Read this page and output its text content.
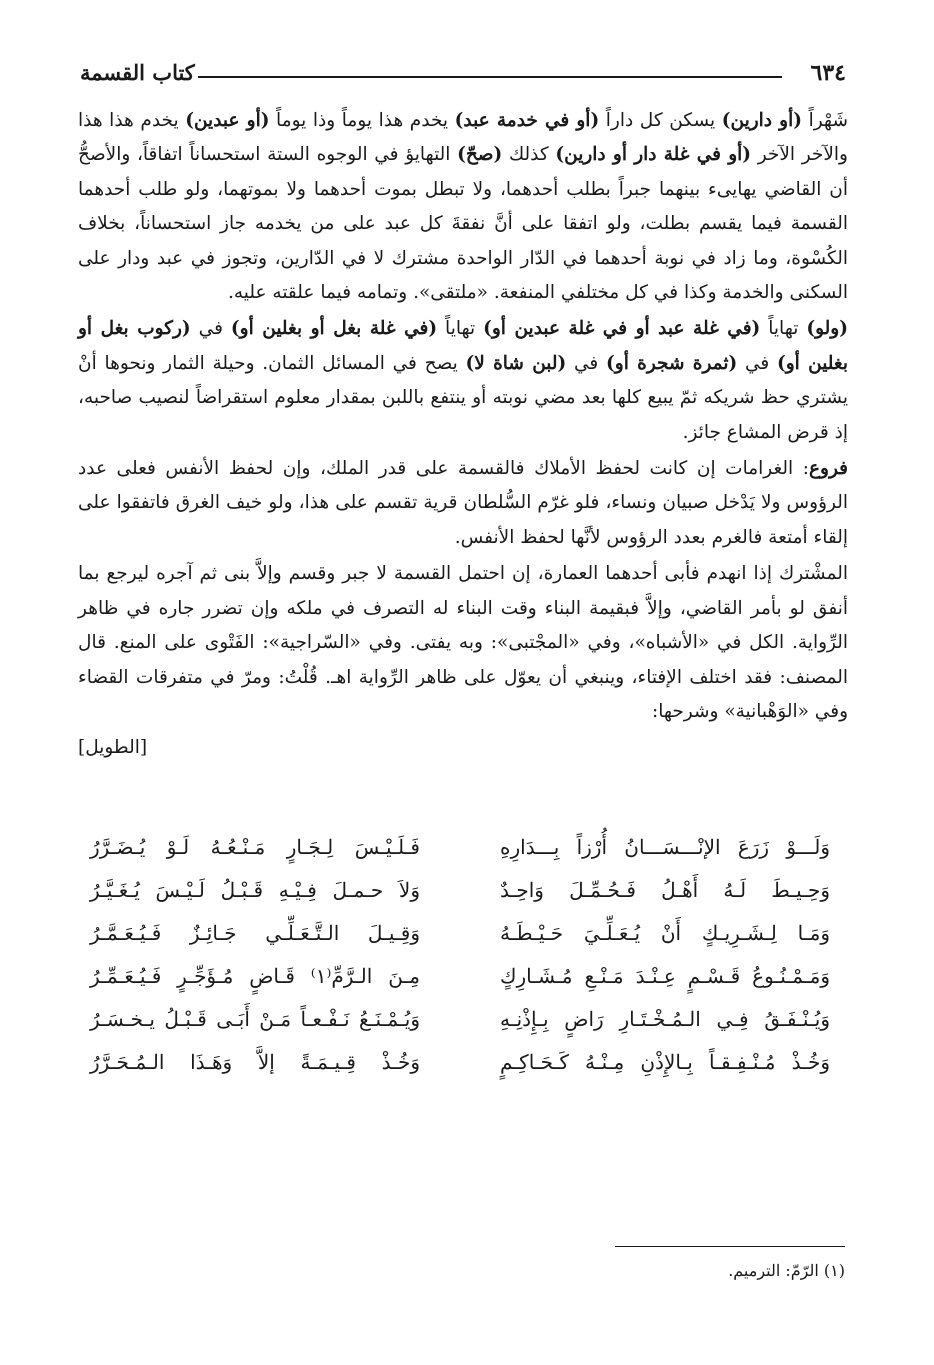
٦٣٤
كتاب القسمة

شَهْراً (أو دارين) يسكن كل داراً (أو في خدمة عبد) يخدم هذا يوماً وذا يوماً (أو عبدين) يخدم هذا هذا والآخر الآخر (أو في غلة دار أو دارين) كذلك (صحّ) التهايؤ في الوجوه الستة استحساناً اتفاقاً، والأصحُّ أن القاضي يهايىء بينهما جبراً بطلب أحدهما، ولا تبطل بموت أحدهما ولا بموتهما، ولو طلب أحدهما القسمة فيما يقسم بطلت، ولو اتفقا على أنَّ نفقةَ كل عبد على من يخدمه جاز استحساناً، بخلاف الكُسْوة، وما زاد في نوبة أحدهما في الدّار الواحدة مشترك لا في الدّارين، وتجوز في عبد ودار على السكنى والخدمة وكذا في كل مختلفي المنفعة. «ملتقى». وتمامه فيما علقته عليه.

(ولو) تهاياً (في غلة عبد أو في غلة عبدين أو) تهاياً (في غلة بغل أو بغلين أو) في (ركوب بغل أو بغلين أو) في (ثمرة شجرة أو) في (لبن شاة لا) يصح في المسائل الثمان. وحيلة الثمار ونحوها أنْ يشتري حظ شريكه ثمّ يبيع كلها بعد مضي نوبته أو ينتفع باللبن بمقدار معلوم استقراضاً لنصيب صاحبه، إذ قرض المشاع جائز.

فروع: الغرامات إن كانت لحفظ الأملاك فالقسمة على قدر الملك، وإن لحفظ الأنفس فعلى عدد الرؤوس ولا يَدْخل صبيان ونساء، فلو غرّم السُّلطان قرية تقسم على هذا، ولو خيف الغرق فاتفقوا على إلقاء أمتعة فالغرم بعدد الرؤوس لأنَّها لحفظ الأنفس.

المشْترك إذا انهدم فأبى أحدهما العمارة، إن احتمل القسمة لا جبر وقسم وإلاَّ بنى ثم آجره ليرجع بما أنفق لو بأمر القاضي، وإلاَّ فبقيمة البناء وقت البناء له التصرف في ملكه وإن تضرر جاره في ظاهر الرِّواية. الكل في «الأشباه»، وفي «المجْتبى»: وبه يفتى. وفي «السّراجية»: الفَتْوى على المنع. قال المصنف: فقد اختلف الإفتاء، وينبغي أن يعوّل على ظاهر الرِّواية اهـ. قُلْتُ: ومرّ في متفرقات القضاء وفي «الوَهْبانية» وشرحها:

[الطويل]
وَلَـــوْ زَرَعَ الإنْـــسَـــانُ أُرْزاً بِـــدَارِهِ
فَـلَـيْـسَ لِـجَـارٍ مَـنْـعُـهُ لَـوْ يُـضَـرَّرُ
وَحِـيـطَ لَـهُ أَهْـلُ فَـحُـمِّـلَ وَاحِـدٌ
وَلاَ حـمـلَ فِـيْـهِ قَـبْـلُ لَـيْـسَ يُـغَـيَّـرُ
وَمَـا لِـشَـرِيـكٍ أَنْ يُـعَـلِّـيَ حَـيْـطَـهُ
وَقِـيـلَ الـتَّـعَـلِّـي جَـائِـزٌ فَـيُـعَـمَّـرُ
وَمَـمْـنُـوعُ قَـسْـمٍ عِـنْـدَ مَـنْـعِ مُـشَـارِكٍ
مِـنَ الـرَّمِّ⁽١⁾ قَـاضٍ مُـؤَجِّـرٍ فَـيُـعَـمِّـرُ
وَيُـنْـفَـقُ فِـي الـمُـخْـتَـارِ رَاضٍ بِـإِذْنِـهِ
وَيُـمْـنَـعُ نَـفْـعـاً مَـنْ أَبَـى قَـبْـلُ يـخـسَـرُ
وَخُـذْ مُـنْـفِـقـاً بِـالإِذْنِ مِـنْـهُ كَـحَـاكِـمٍ
وَخُـذْ قِـيـمَـةً إلاَّ وَهَـذَا الـمُـحَـرَّرُ
(١) الرّمّ: الترميم.
